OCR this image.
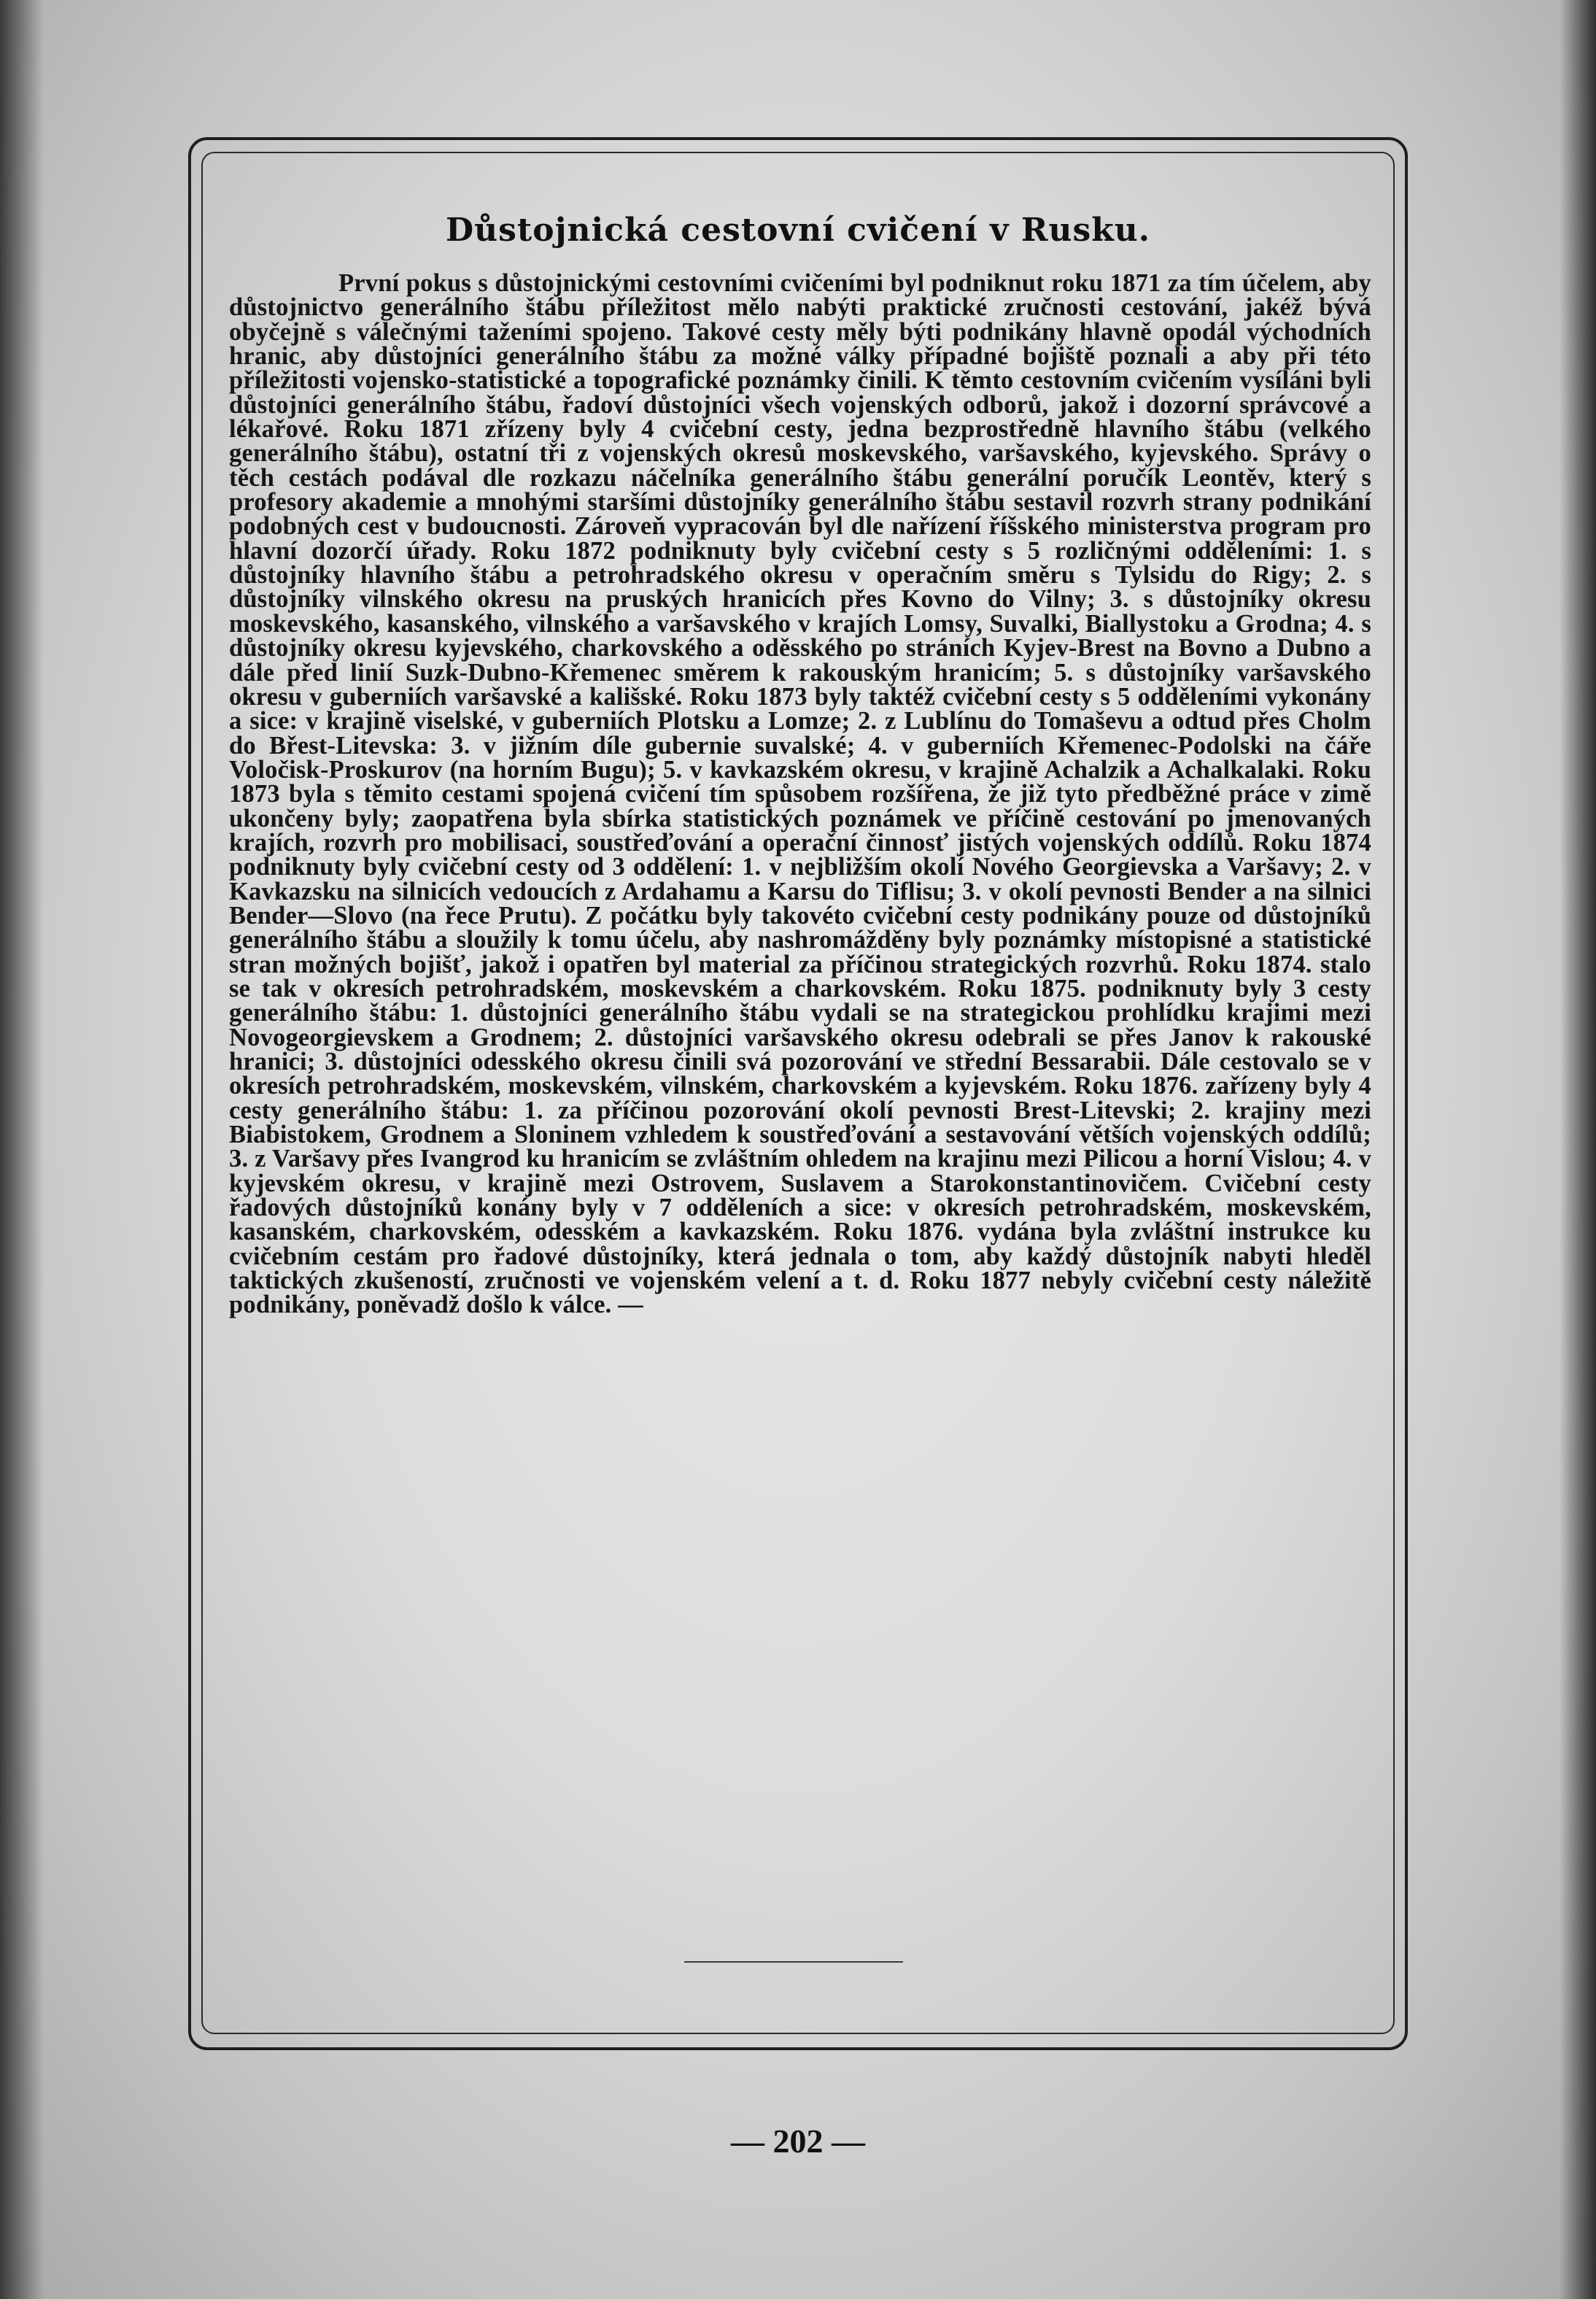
Důstojnická cestovní cvičení v Rusku.

První pokus s důstojnickými cestovními cvičeními byl podniknut roku 1871 za tím účelem, aby důstojnictvo generálního štábu příležitost mělo nabýti praktické zručnosti cestování, jakéž bývá obyčejně s válečnými taženími spojeno. Takové cesty měly býti podnikány hlavně opodál východních hranic, aby důstojníci generálního štábu za možné války případné bojiště poznali a aby při této příležitosti vojensko-statistické a topografické poznámky činili. K těmto cestovním cvičením vysíláni byli důstojníci generálního štábu, řadoví důstojníci všech vojenských odborů, jakož i dozorní správcové a lékařové. Roku 1871 zřízeny byly 4 cvičební cesty, jedna bezprostředně hlavního štábu (velkého generálního štábu), ostatní tři z vojenských okresů moskevského, varšavského, kyjevského. Správy o těch cestách podával dle rozkazu náčelníka generálního štábu generální poručík Leontěv, který s profesory akademie a mnohými staršími důstojníky generálního štábu sestavil rozvrh strany podnikání podobných cest v budoucnosti. Zároveň vypracován byl dle nařízení říšského ministerstva program pro hlavní dozorčí úřady. Roku 1872 podniknuty byly cvičební cesty s 5 rozličnými odděleními: 1. s důstojníky hlavního štábu a petrohradského okresu v operačním směru s Tylsidu do Rigy; 2. s důstojníky vilnského okresu na pruských hranicích přes Kovno do Vilny; 3. s důstojníky okresu moskevského, kasanského, vilnského a varšavského v krajích Lomsy, Suvalki, Biallystoku a Grodna; 4. s důstojníky okresu kyjevského, charkovského a oděsského po stráních Kyjev-Brest na Bovno a Dubno a dále před linií Suzk-Dubno-Křemenec směrem k rakouským hranicím; 5. s důstojníky varšavského okresu v guberniích varšavské a kališské. Roku 1873 byly taktéž cvičební cesty s 5 odděleními vykonány a sice: v krajině viselské, v guberniích Plotsku a Lomze; 2. z Lublínu do Tomaševu a odtud přes Cholm do Břest-Litevska: 3. v jižním díle gubernie suvalské; 4. v guberniích Křemenec-Podolski na čáře Voločisk-Proskurov (na horním Bugu); 5. v kavkazském okresu, v krajině Achalzik a Achalkalaki. Roku 1873 byla s těmito cestami spojená cvičení tím spůsobem rozšířena, že již tyto předběžné práce v zimě ukončeny byly; zaopatřena byla sbírka statistických poznámek ve příčině cestování po jmenovaných krajích, rozvrh pro mobilisaci, soustřeďování a operační činnosť jistých vojenských oddílů. Roku 1874 podniknuty byly cvičební cesty od 3 oddělení: 1. v nejbližším okolí Nového Georgievska a Varšavy; 2. v Kavkazsku na silnicích vedoucích z Ardahamu a Karsu do Tiflisu; 3. v okolí pevnosti Bender a na silnici Bender—Slovo (na řece Prutu). Z počátku byly takovéto cvičební cesty podnikány pouze od důstojníků generálního štábu a sloužily k tomu účelu, aby nashromážděny byly poznámky místopisné a statistické stran možných bojišť, jakož i opatřen byl material za příčinou strategických rozvrhů. Roku 1874. stalo se tak v okresích petrohradském, moskevském a charkovském. Roku 1875. podniknuty byly 3 cesty generálního štábu: 1. důstojníci generálního štábu vydali se na strategickou prohlídku krajimi mezi Novogeorgievskem a Grodnem; 2. důstojníci varšavského okresu odebrali se přes Janov k rakouské hranici; 3. důstojníci odesského okresu činili svá pozorování ve střední Bessarabii. Dále cestovalo se v okresích petrohradském, moskevském, vilnském, charkovském a kyjevském. Roku 1876. zařízeny byly 4 cesty generálního štábu: 1. za příčinou pozorování okolí pevnosti Brest-Litevski; 2. krajiny mezi Biabistokem, Grodnem a Sloninem vzhledem k soustřeďování a sestavování větších vojenských oddílů; 3. z Varšavy přes Ivangrod ku hranicím se zvláštním ohledem na krajinu mezi Pilicou a horní Vislou; 4. v kyjevském okresu, v krajině mezi Ostrovem, Suslavem a Starokonstantinovičem. Cvičební cesty řadových důstojníků konány byly v 7 odděleních a sice: v okresích petrohradském, moskevském, kasanském, charkovském, odesském a kavkazském. Roku 1876. vydána byla zvláštní instrukce ku cvičebním cestám pro řadové důstojníky, která jednala o tom, aby každý důstojník nabyti hleděl taktických zkušeností, zručnosti ve vojenském velení a t. d. Roku 1877 nebyly cvičební cesty náležitě podnikány, poněvadž došlo k válce. —

— 202 —
